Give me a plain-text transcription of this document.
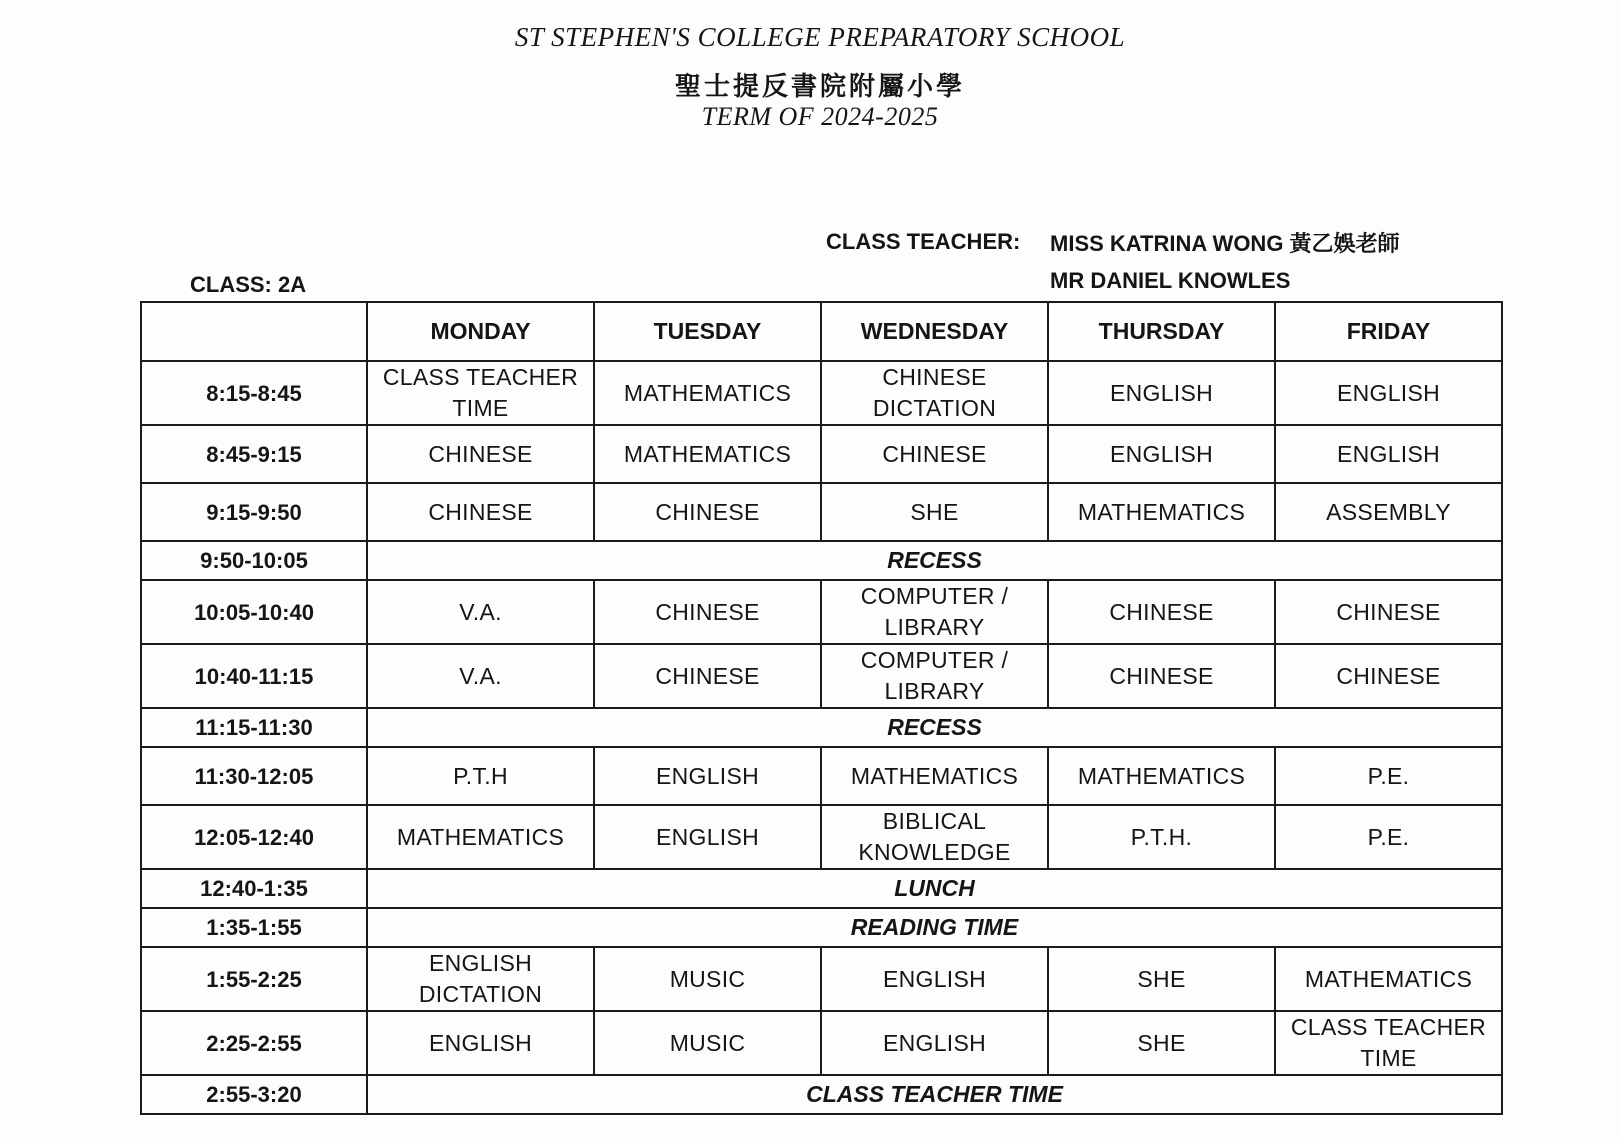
ST STEPHEN'S COLLEGE PREPARATORY SCHOOL
聖士提反書院附屬小學
TERM OF 2024-2025
CLASS TEACHER: MISS KATRINA WONG 黃乙娛老師
MR DANIEL KNOWLES
CLASS: 2A
	MONDAY	TUESDAY	WEDNESDAY	THURSDAY	FRIDAY
8:15-8:45	CLASS TEACHER TIME	MATHEMATICS	CHINESE DICTATION	ENGLISH	ENGLISH
8:45-9:15	CHINESE	MATHEMATICS	CHINESE	ENGLISH	ENGLISH
9:15-9:50	CHINESE	CHINESE	SHE	MATHEMATICS	ASSEMBLY
9:50-10:05	RECESS				
10:05-10:40	V.A.	CHINESE	COMPUTER / LIBRARY	CHINESE	CHINESE
10:40-11:15	V.A.	CHINESE	COMPUTER / LIBRARY	CHINESE	CHINESE
11:15-11:30	RECESS				
11:30-12:05	P.T.H	ENGLISH	MATHEMATICS	MATHEMATICS	P.E.
12:05-12:40	MATHEMATICS	ENGLISH	BIBLICAL KNOWLEDGE	P.T.H.	P.E.
12:40-1:35	LUNCH				
1:35-1:55	READING TIME				
1:55-2:25	ENGLISH DICTATION	MUSIC	ENGLISH	SHE	MATHEMATICS
2:25-2:55	ENGLISH	MUSIC	ENGLISH	SHE	CLASS TEACHER TIME
2:55-3:20	CLASS TEACHER TIME				
